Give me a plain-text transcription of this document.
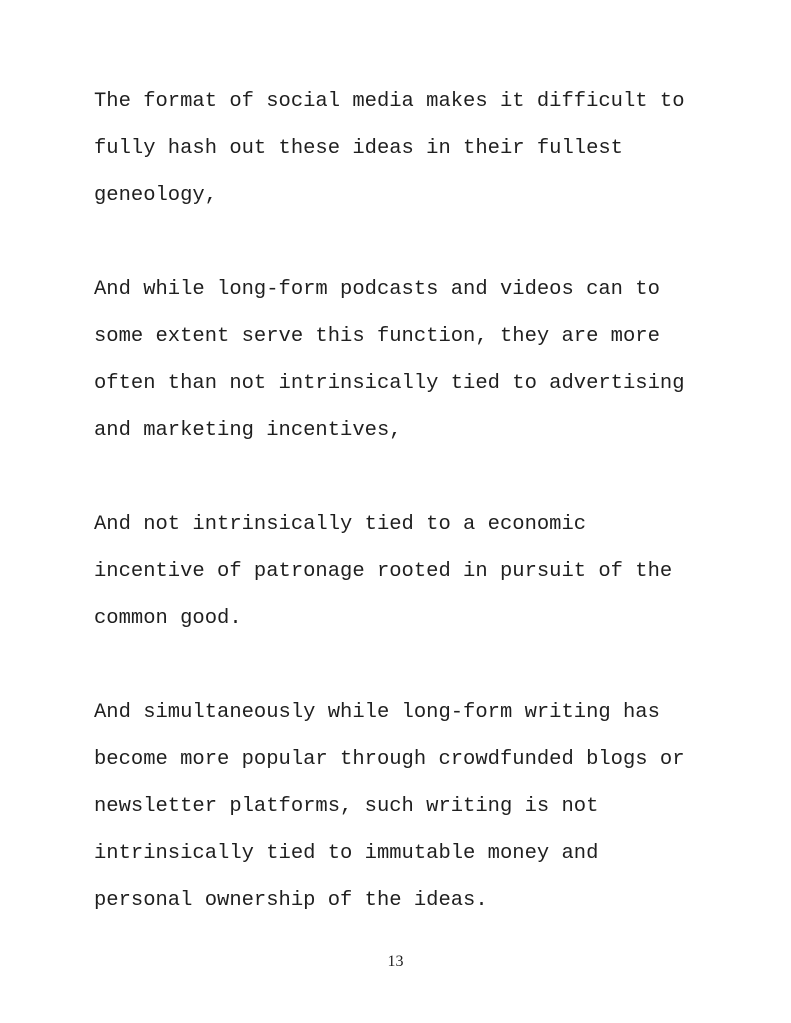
The format of social media makes it difficult to
fully hash out these ideas in their fullest
geneology,
And while long-form podcasts and videos can to
some extent serve this function, they are more
often than not intrinsically tied to advertising
and marketing incentives,
And not intrinsically tied to a economic
incentive of patronage rooted in pursuit of the
common good.
And simultaneously while long-form writing has
become more popular through crowdfunded blogs or
newsletter platforms, such writing is not
intrinsically tied to immutable money and
personal ownership of the ideas.
13
